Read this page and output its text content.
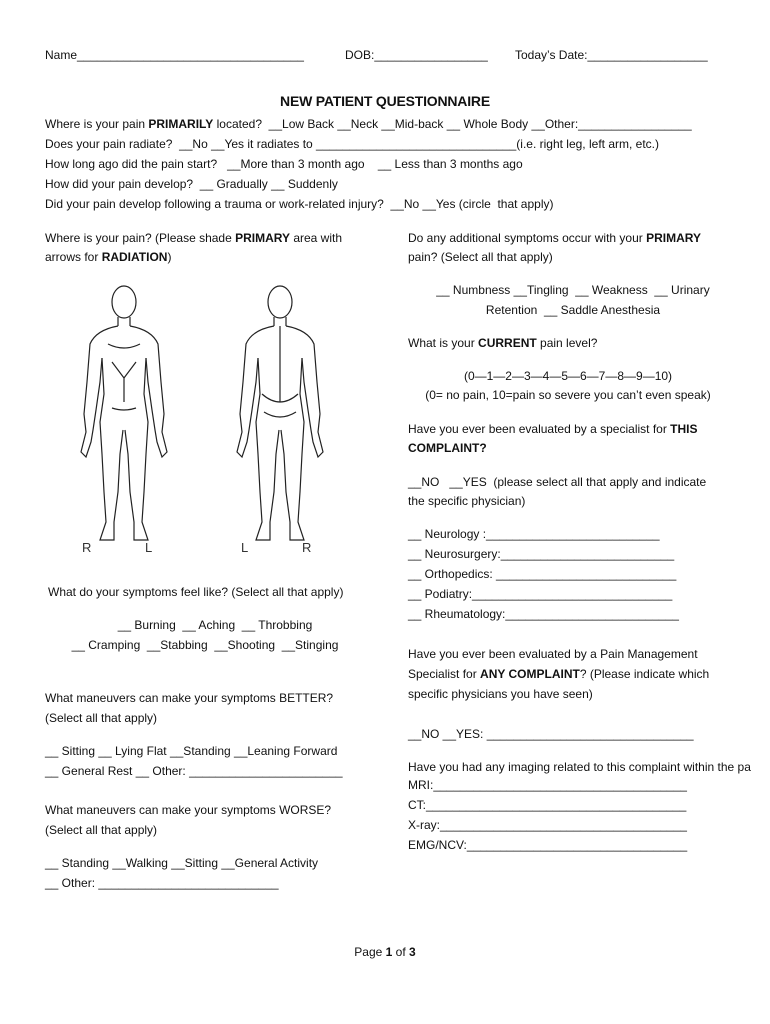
Name__________________________________	DOB:_________________ Today’s Date:__________________
NEW PATIENT QUESTIONNAIRE
Where is your pain PRIMARILY located?  __Low Back __Neck __Mid-back __ Whole Body __Other:_________________
Does your pain radiate?  __No __Yes it radiates to ______________________________(i.e. right leg, left arm, etc.)
How long ago did the pain start?   __More than 3 month ago    __ Less than 3 months ago
How did your pain develop?  __ Gradually __ Suddenly
Did your pain develop following a trauma or work-related injury?  __No __Yes (circle  that apply)
Where is your pain? (Please shade PRIMARY area with
arrows for RADIATION)
R	L	L	R
What do your symptoms feel like? (Select all that apply)
__ Burning  __ Aching  __ Throbbing
__ Cramping  __Stabbing  __Shooting  __Stinging
What maneuvers can make your symptoms BETTER?
(Select all that apply)
__ Sitting __ Lying Flat __Standing __Leaning Forward
__ General Rest __ Other: _______________________
What maneuvers can make your symptoms WORSE?
(Select all that apply)
__ Standing __Walking __Sitting __General Activity
__ Other: ___________________________
Do any additional symptoms occur with your PRIMARY
pain? (Select all that apply)
__ Numbness __Tingling  __ Weakness  __ Urinary
Retention  __ Saddle Anesthesia
What is your CURRENT pain level?
(0—1—2—3—4—5—6—7—8—9—10)
(0= no pain, 10=pain so severe you can’t even speak)
Have you ever been evaluated by a specialist for THIS
COMPLAINT?
__NO   __YES  (please select all that apply and indicate
the specific physician)
__ Neurology :__________________________
__ Neurosurgery:__________________________
__ Orthopedics: ___________________________
__ Podiatry:______________________________
__ Rheumatology:__________________________
Have you ever been evaluated by a Pain Management
Specialist for ANY COMPLAINT? (Please indicate which
specific physicians you have seen)
__NO __YES: _______________________________
Have you had any imaging related to this complaint within the pa
MRI:______________________________________
CT:_______________________________________
X-ray:_____________________________________
EMG/NCV:_________________________________
Page 1 of 3
